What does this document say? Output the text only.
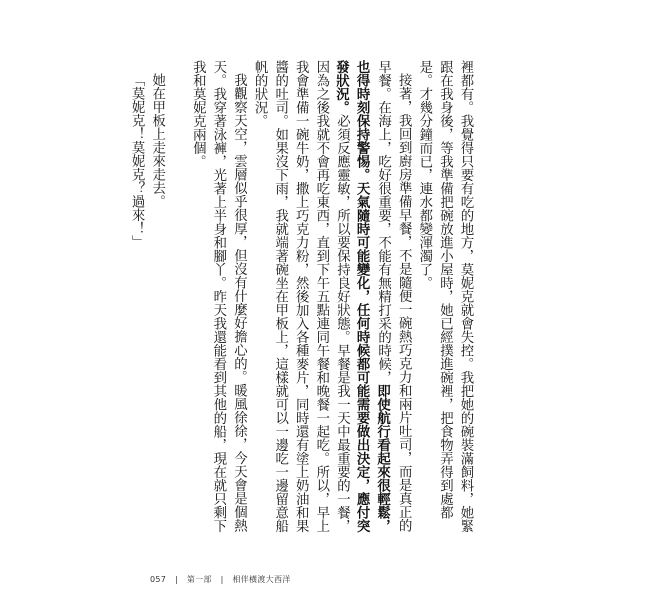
裡都有。我覺得只要有吃的地方，莫妮克就會失控。我把她的碗裝滿飼料，她緊跟在我身後，等我準備把碗放進小屋時，她已經撲進碗裡，把食物弄得到處都是。才幾分鐘而已，連水都變渾濁了。

接著，我回到廚房準備早餐，不是隨便一碗熱巧克力和兩片吐司，而是真正的早餐。在海上，吃好很重要，不能有無精打采的時候，即使航行看起來很輕鬆，也得時刻保持警惕。天氣隨時可能變化，任何時候都可能需要做出決定，應付突發狀況。必須反應靈敏，所以要保持良好狀態。早餐是我一天中最重要的一餐，因為之後我就不會再吃東西，直到下午五點連同午餐和晚餐一起吃。所以，早上我會準備一碗牛奶，撒上巧克力粉，然後加入各種麥片，同時還有塗上奶油和果醬的吐司。如果沒下雨，我就端著碗坐在甲板上，這樣就可以一邊吃一邊留意船帆的狀況。

我觀察天空，雲層似乎很厚，但沒有什麼好擔心的。暖風徐徐，今天會是個熱天。我穿著泳褲，光著上半身和腳丫。昨天我還能看到其他的船，現在就只剩下我和莫妮克兩個。

她在甲板上走來走去。

「莫妮克！莫妮克？過來！」

057 | 第一部 | 相伴橫渡大西洋
